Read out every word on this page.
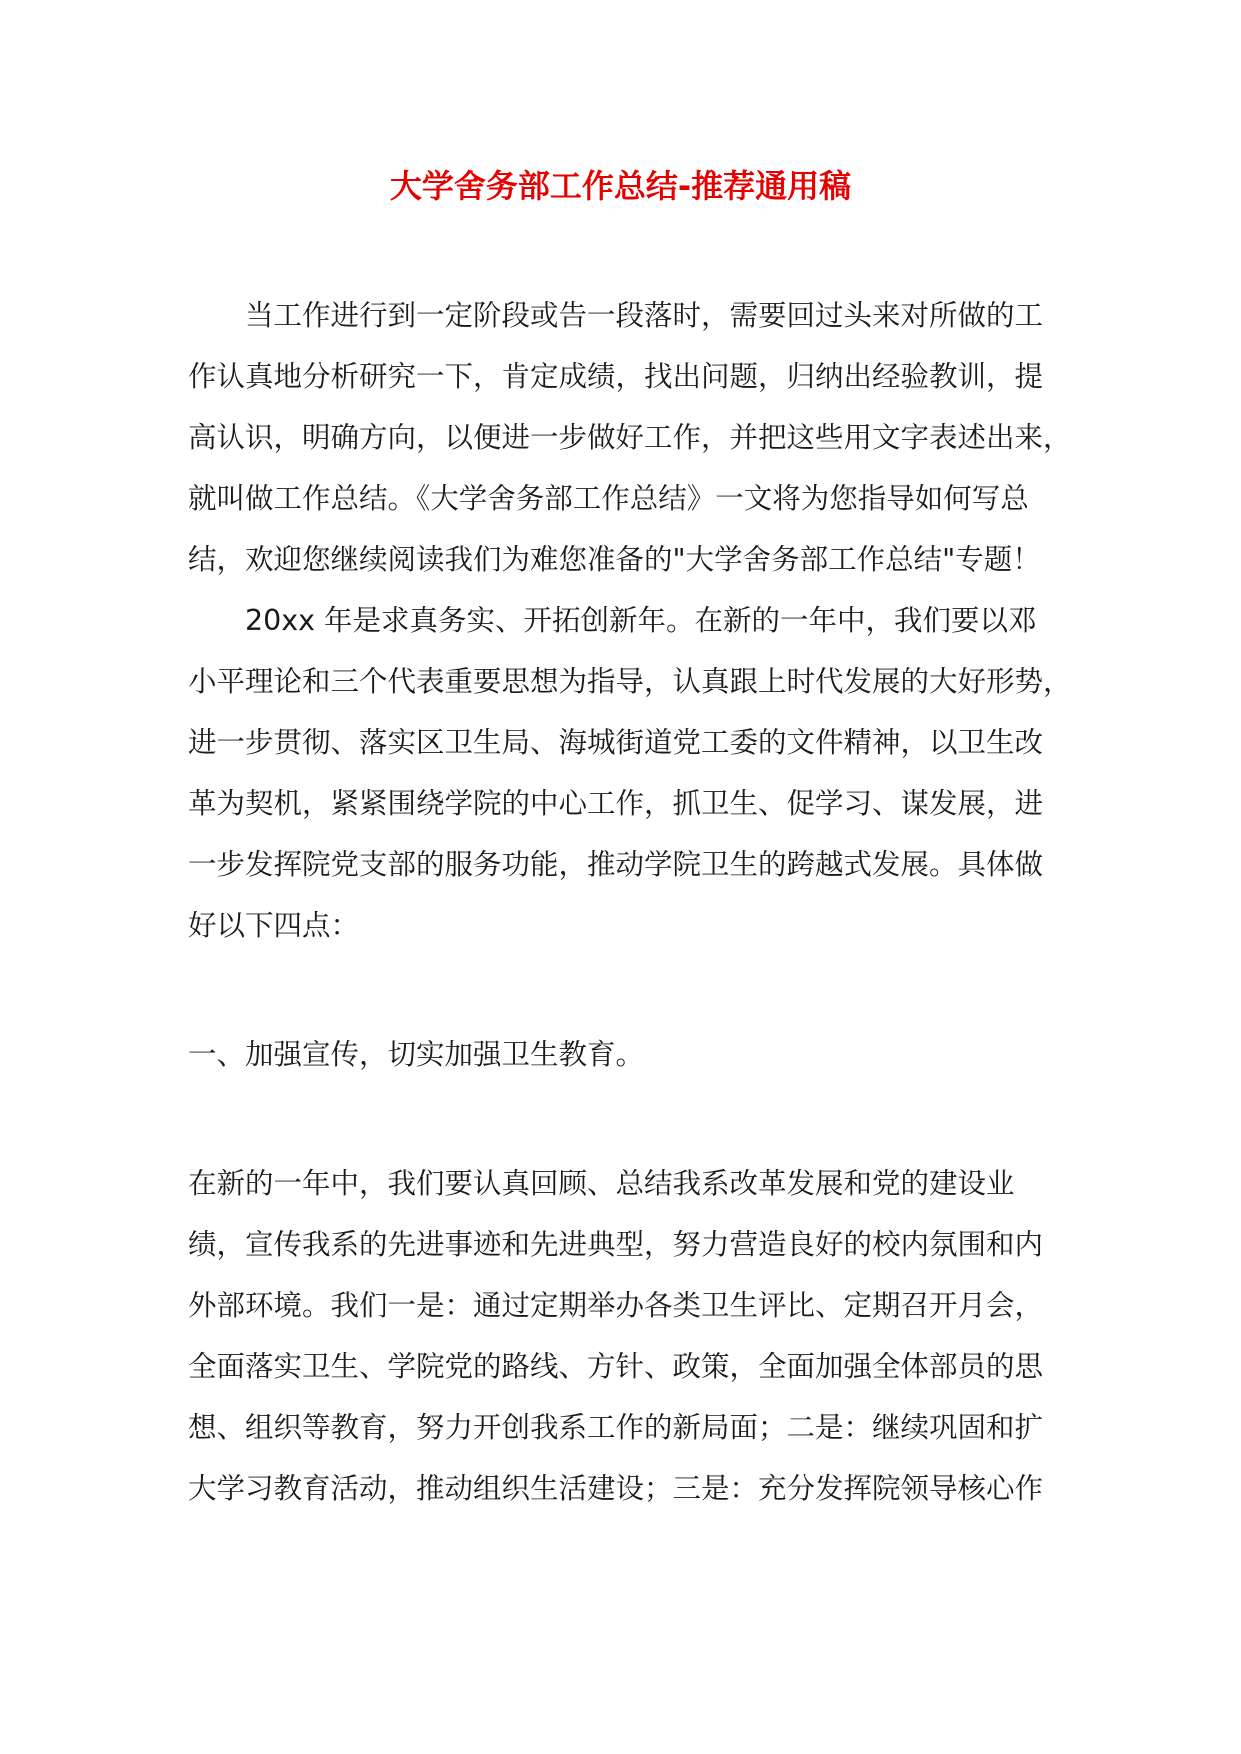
大学舍务部工作总结-推荐通用稿

　　当工作进行到一定阶段或告一段落时，需要回过头来对所做的工

作认真地分析研究一下，肯定成绩，找出问题，归纳出经验教训，提

高认识，明确方向，以便进一步做好工作，并把这些用文字表述出来，

就叫做工作总结。《大学舍务部工作总结》一文将为您指导如何写总

结，欢迎您继续阅读我们为难您准备的"大学舍务部工作总结"专题！

　　20xx 年是求真务实、开拓创新年。在新的一年中，我们要以邓

小平理论和三个代表重要思想为指导，认真跟上时代发展的大好形势，

进一步贯彻、落实区卫生局、海城街道党工委的文件精神，以卫生改

革为契机，紧紧围绕学院的中心工作，抓卫生、促学习、谋发展，进

一步发挥院党支部的服务功能，推动学院卫生的跨越式发展。具体做

好以下四点：

一、加强宣传，切实加强卫生教育。

在新的一年中，我们要认真回顾、总结我系改革发展和党的建设业

绩，宣传我系的先进事迹和先进典型，努力营造良好的校内氛围和内

外部环境。我们一是：通过定期举办各类卫生评比、定期召开月会，

全面落实卫生、学院党的路线、方针、政策，全面加强全体部员的思

想、组织等教育，努力开创我系工作的新局面；二是：继续巩固和扩

大学习教育活动，推动组织生活建设；三是：充分发挥院领导核心作
